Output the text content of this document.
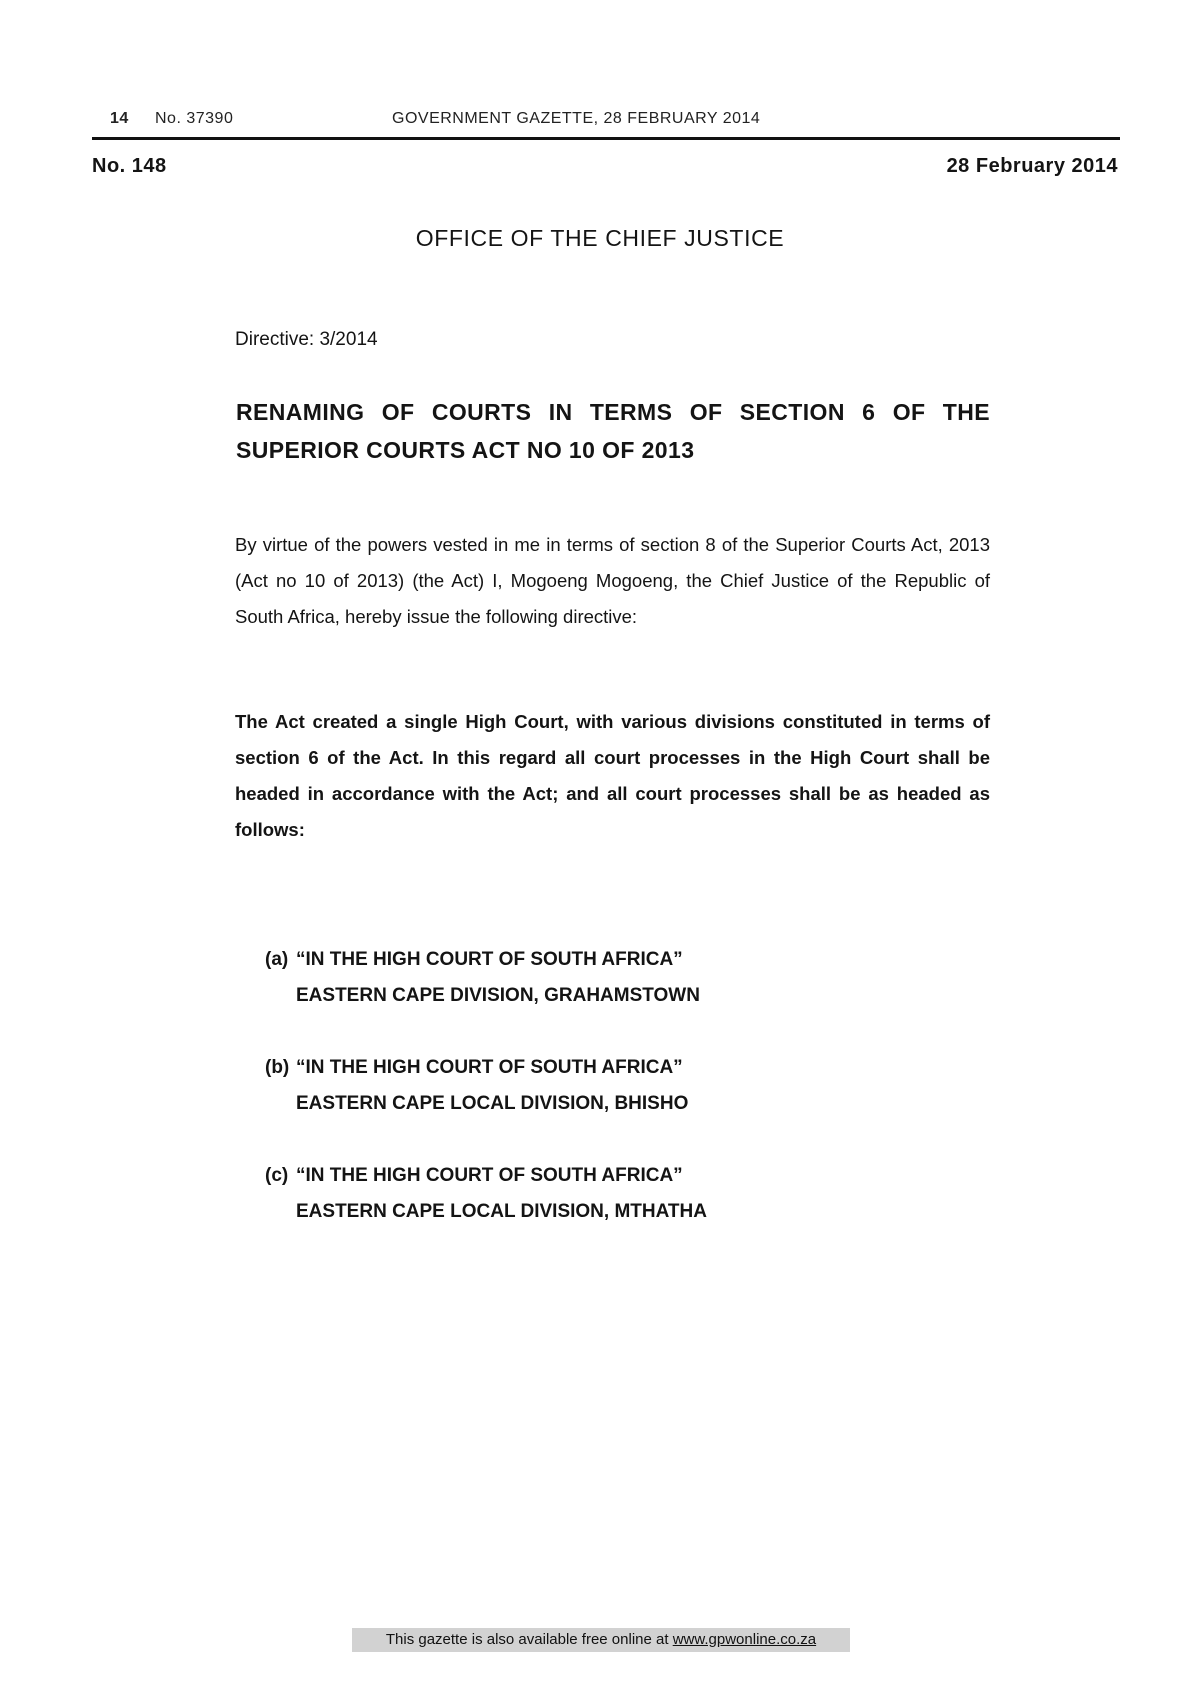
14 No. 37390	GOVERNMENT GAZETTE, 28 FEBRUARY 2014
No. 148	28 February 2014
OFFICE OF THE CHIEF JUSTICE
Directive: 3/2014
RENAMING OF COURTS IN TERMS OF SECTION 6 OF THE
SUPERIOR COURTS ACT NO 10 OF 2013
By virtue of the powers vested in me in terms of section 8 of the Superior Courts Act, 2013 (Act no 10 of 2013) (the Act) I, Mogoeng Mogoeng, the Chief Justice of the Republic of South Africa, hereby issue the following directive:
The Act created a single High Court, with various divisions constituted in terms of section 6 of the Act. In this regard all court processes in the High Court shall be headed in accordance with the Act; and all court processes shall be as headed as follows:
(a) “IN THE HIGH COURT OF SOUTH AFRICA”
EASTERN CAPE DIVISION, GRAHAMSTOWN
(b) “IN THE HIGH COURT OF SOUTH AFRICA”
EASTERN CAPE LOCAL DIVISION, BHISHO
(c) “IN THE HIGH COURT OF SOUTH AFRICA”
EASTERN CAPE LOCAL DIVISION, MTHATHA
This gazette is also available free online at www.gpwonline.co.za
